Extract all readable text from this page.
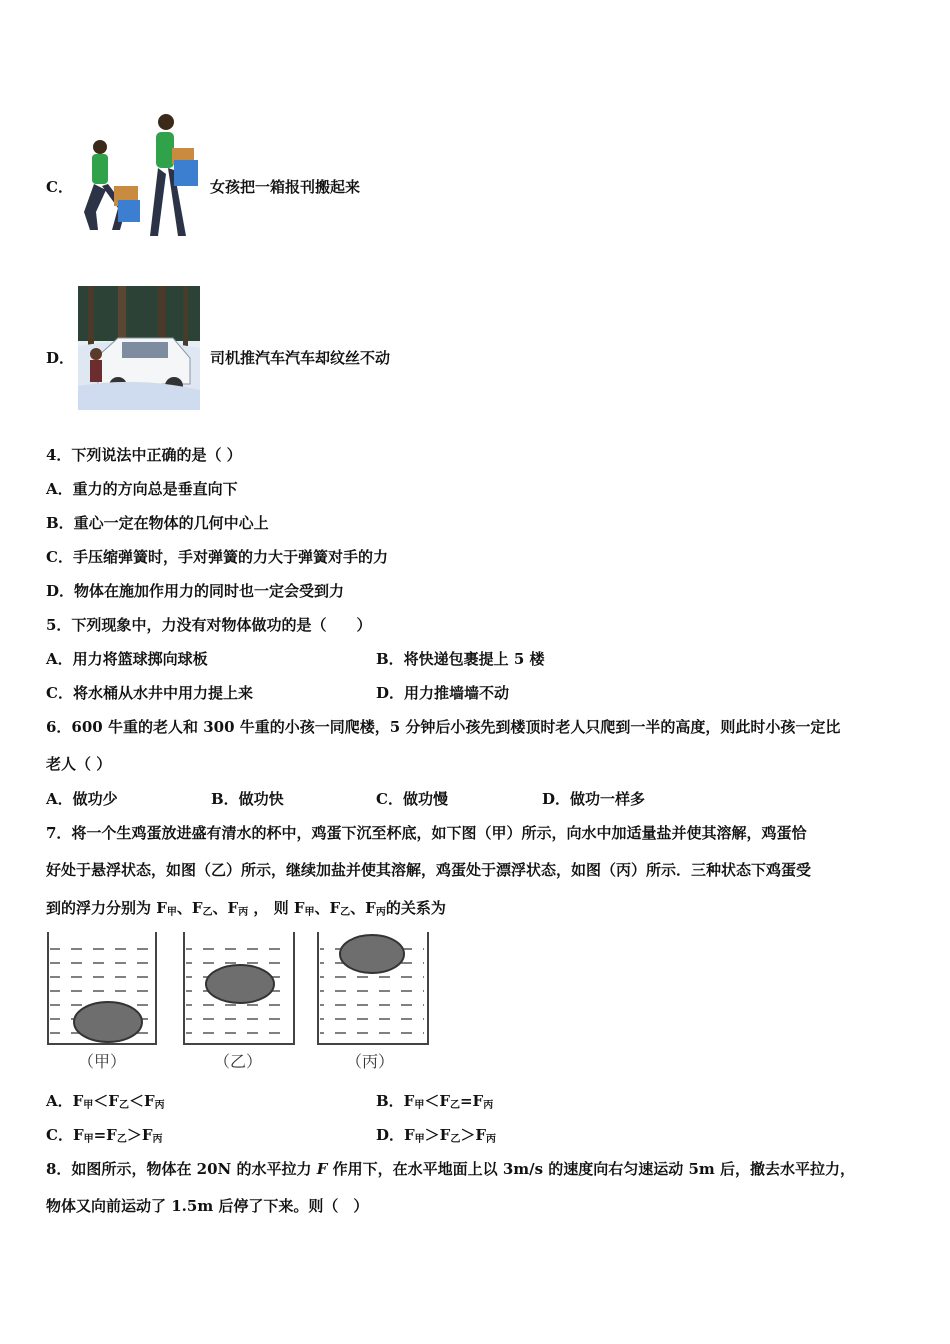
C．	女孩把一箱报刊搬起来
D．	司机推汽车汽车却纹丝不动
4．下列说法中正确的是（ ）
A．重力的方向总是垂直向下
B．重心一定在物体的几何中心上
C．手压缩弹簧时，手对弹簧的力大于弹簧对手的力
D．物体在施加作用力的同时也一定会受到力
5．下列现象中，力没有对物体做功的是（　　）
A．用力将篮球掷向球板	B．将快递包裹提上 5 楼
C．将水桶从水井中用力提上来	D．用力推墙墙不动
6．600 牛重的老人和 300 牛重的小孩一同爬楼，5 分钟后小孩先到楼顶时老人只爬到一半的高度，则此时小孩一定比
老人（ ）
A．做功少	B．做功快	C．做功慢	D．做功一样多
7．将一个生鸡蛋放进盛有清水的杯中，鸡蛋下沉至杯底，如下图（甲）所示，向水中加适量盐并使其溶解，鸡蛋恰
好处于悬浮状态，如图（乙）所示，继续加盐并使其溶解，鸡蛋处于漂浮状态，如图（丙）所示．三种状态下鸡蛋受
到的浮力分别为 $F_甲$、$F_乙$、$F_丙$ ， 则 $F_甲$、$F_乙$、$F_丙$的关系为
（甲）	（乙）	（丙）
A．$F_甲<F_乙<F_丙$	B．$F_甲<F_乙=F_丙$
C．$F_甲=F_乙>F_丙$	D．$F_甲>F_乙>F_丙$
8．如图所示，物体在 20N 的水平拉力 F 作用下，在水平地面上以 3m/s 的速度向右匀速运动 5m 后，撤去水平拉力，
物体又向前运动了 1.5m 后停了下来。则（　）
